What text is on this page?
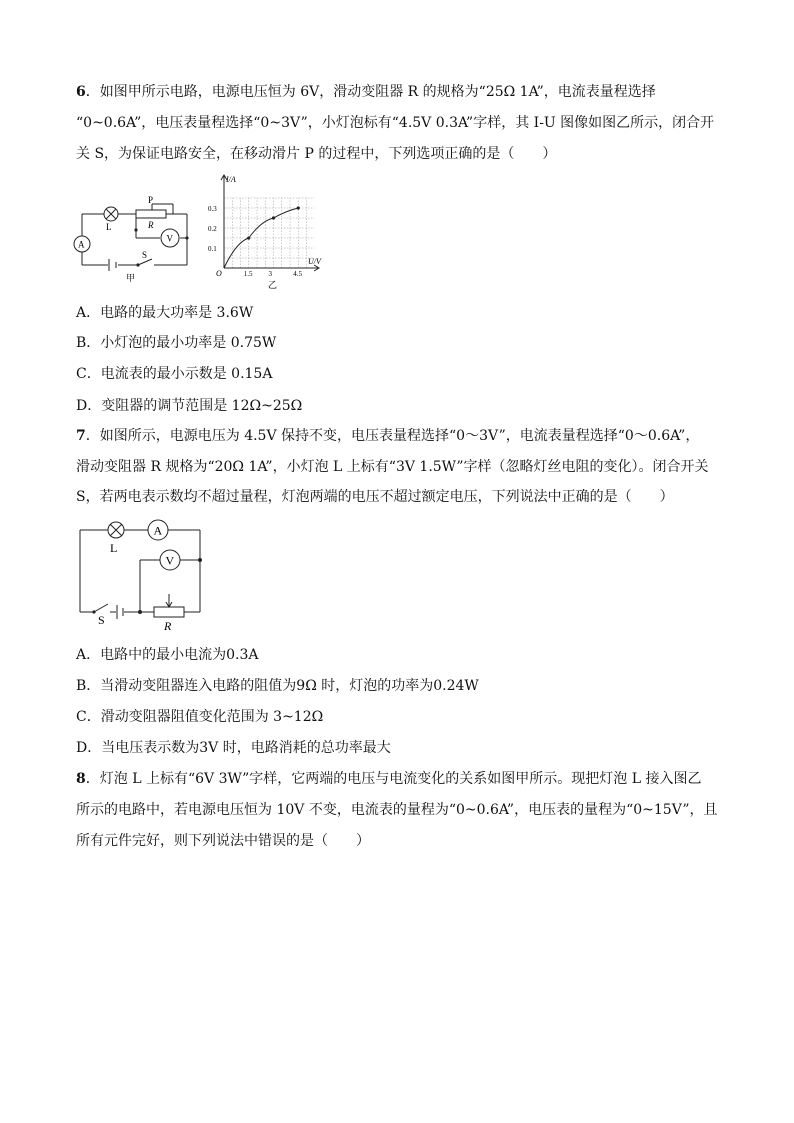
6．如图甲所示电路，电源电压恒为 6V，滑动变阻器 R 的规格为“25Ω 1A”，电流表量程选择
“0~0.6A”，电压表量程选择“0~3V”，小灯泡标有“4.5V 0.3A”字样，其 I-U 图像如图乙所示，闭合开
关 S，为保证电路安全，在移动滑片 P 的过程中，下列选项正确的是（　　）
L
P
R
A
V
S
甲
I/A
U/V
O
0.3
0.2
0.1
1.5 3	4.5
乙
A．电路的最大功率是 3.6W
B．小灯泡的最小功率是 0.75W
C．电流表的最小示数是 0.15A
D．变阻器的调节范围是 12Ω~25Ω
7．如图所示，电源电压为 4.5V 保持不变，电压表量程选择“0～3V”，电流表量程选择“0～0.6A”，
滑动变阻器 R 规格为“20Ω 1A”，小灯泡 L 上标有“3V 1.5W”字样（忽略灯丝电阻的变化）。闭合开关
S，若两电表示数均不超过量程，灯泡两端的电压不超过额定电压，下列说法中正确的是（　　）
L
A
V
S	R
A．电路中的最小电流为0.3A
B．当滑动变阻器连入电路的阻值为9Ω 时，灯泡的功率为0.24W
C．滑动变阻器阻值变化范围为 3~12Ω
D．当电压表示数为3V 时，电路消耗的总功率最大
8．灯泡 L 上标有“6V 3W”字样，它两端的电压与电流变化的关系如图甲所示。现把灯泡 L 接入图乙
所示的电路中，若电源电压恒为 10V 不变，电流表的量程为“0~0.6A”，电压表的量程为“0~15V”，且
所有元件完好，则下列说法中错误的是（　　）
